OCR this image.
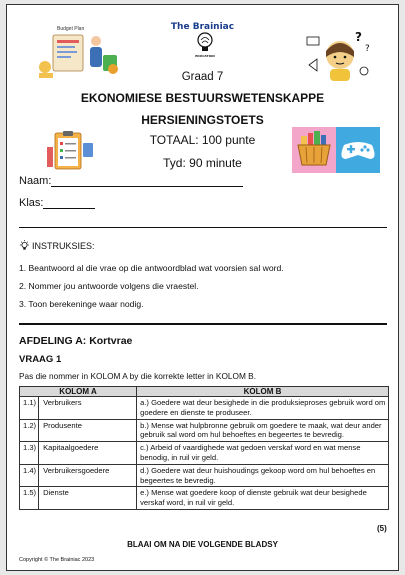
Budget Plan	The Brainiac
EDUCATION
?
?
Graad 7
EKONOMIESE BESTUURSWETENSKAPPE
HERSIENINGSTOETS
TOTAAL: 100 punte
Tyd: 90 minute
Naam:
Klas:
INSTRUKSIES:
1. Beantwoord al die vrae op die antwoordblad wat voorsien sal word.
2. Nommer jou antwoorde volgens die vraestel.
3. Toon berekeninge waar nodig.
AFDELING A: Kortvrae
VRAAG 1
Pas die nommer in KOLOM A by die korrekte letter in KOLOM B.
KOLOM A		KOLOM B
1.1)	Verbruikers	a.) Goedere wat deur besighede in die produksieproses gebruik word om goedere en dienste te produseer.
1.2)	Produsente	b.) Mense wat hulpbronne gebruik om goedere te maak, wat deur ander gebruik sal word om hul behoeftes en begeertes te bevredig.
1.3)	Kapitaalgoedere	c.) Arbeid of vaardighede wat gedoen verskaf word en wat mense benodig, in ruil vir geld.
1.4)	Verbruikersgoedere	d.) Goedere wat deur huishoudings gekoop word om hul behoeftes en begeertes te bevredig.
1.5)	Dienste	e.) Mense wat goedere koop of dienste gebruik wat deur besighede verskaf word, in ruil vir geld.
(5)
BLAAI OM NA DIE VOLGENDE BLADSY
Copyright © The Brainiac 2023
